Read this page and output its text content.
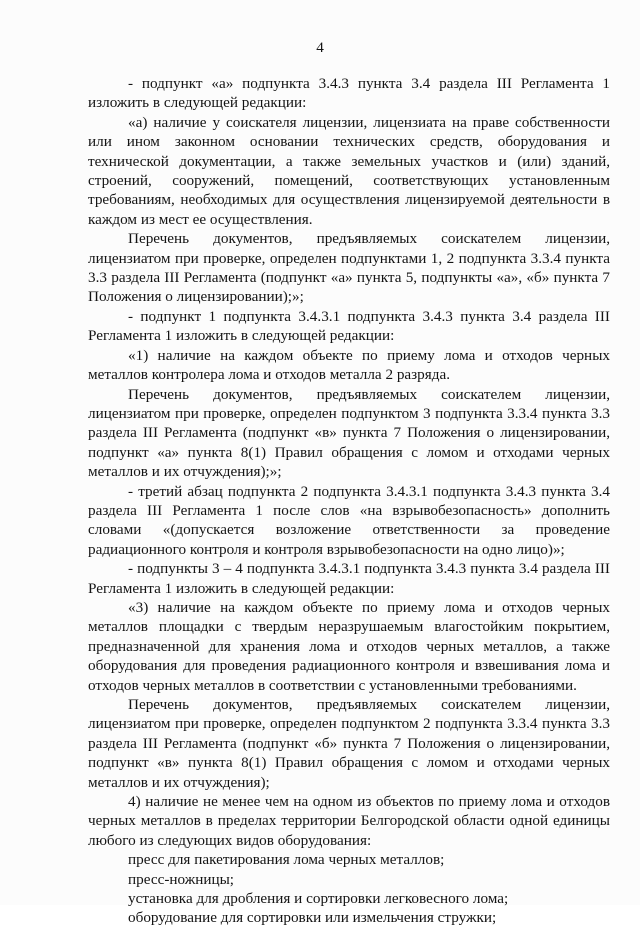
4

- подпункт «а» подпункта 3.4.3 пункта 3.4 раздела III Регламента 1 изложить в следующей редакции:

«а) наличие у соискателя лицензии, лицензиата на праве собственности или ином законном основании технических средств, оборудования и технической документации, а также земельных участков и (или) зданий, строений, сооружений, помещений, соответствующих установленным требованиям, необходимых для осуществления лицензируемой деятельности в каждом из мест ее осуществления.

Перечень документов, предъявляемых соискателем лицензии, лицензиатом при проверке, определен подпунктами 1, 2 подпункта 3.3.4 пункта 3.3 раздела III Регламента (подпункт «а» пункта 5, подпункты «а», «б» пункта 7 Положения о лицензировании);»;

- подпункт 1 подпункта 3.4.3.1 подпункта 3.4.3 пункта 3.4 раздела III Регламента 1 изложить в следующей редакции:

«1) наличие на каждом объекте по приему лома и отходов черных металлов контролера лома и отходов металла 2 разряда.

Перечень документов, предъявляемых соискателем лицензии, лицензиатом при проверке, определен подпунктом 3 подпункта 3.3.4 пункта 3.3 раздела III Регламента (подпункт «в» пункта 7 Положения о лицензировании, подпункт «а» пункта 8(1) Правил обращения с ломом и отходами черных металлов и их отчуждения);»;

- третий абзац подпункта 2 подпункта 3.4.3.1 подпункта 3.4.3 пункта 3.4 раздела III Регламента 1 после слов «на взрывобезопасность» дополнить словами «(допускается возложение ответственности за проведение радиационного контроля и контроля взрывобезопасности на одно лицо)»;

- подпункты 3 – 4 подпункта 3.4.3.1 подпункта 3.4.3 пункта 3.4 раздела III Регламента 1 изложить в следующей редакции:

«3) наличие на каждом объекте по приему лома и отходов черных металлов площадки с твердым неразрушаемым влагостойким покрытием, предназначенной для хранения лома и отходов черных металлов, а также оборудования для проведения радиационного контроля и взвешивания лома и отходов черных металлов в соответствии с установленными требованиями.

Перечень документов, предъявляемых соискателем лицензии, лицензиатом при проверке, определен подпунктом 2 подпункта 3.3.4 пункта 3.3 раздела III Регламента (подпункт «б» пункта 7 Положения о лицензировании, подпункт «в» пункта 8(1) Правил обращения с ломом и отходами черных металлов и их отчуждения);

4) наличие не менее чем на одном из объектов по приему лома и отходов черных металлов в пределах территории Белгородской области одной единицы любого из следующих видов оборудования:

пресс для пакетирования лома черных металлов;
пресс-ножницы;
установка для дробления и сортировки легковесного лома;
оборудование для сортировки или измельчения стружки;
